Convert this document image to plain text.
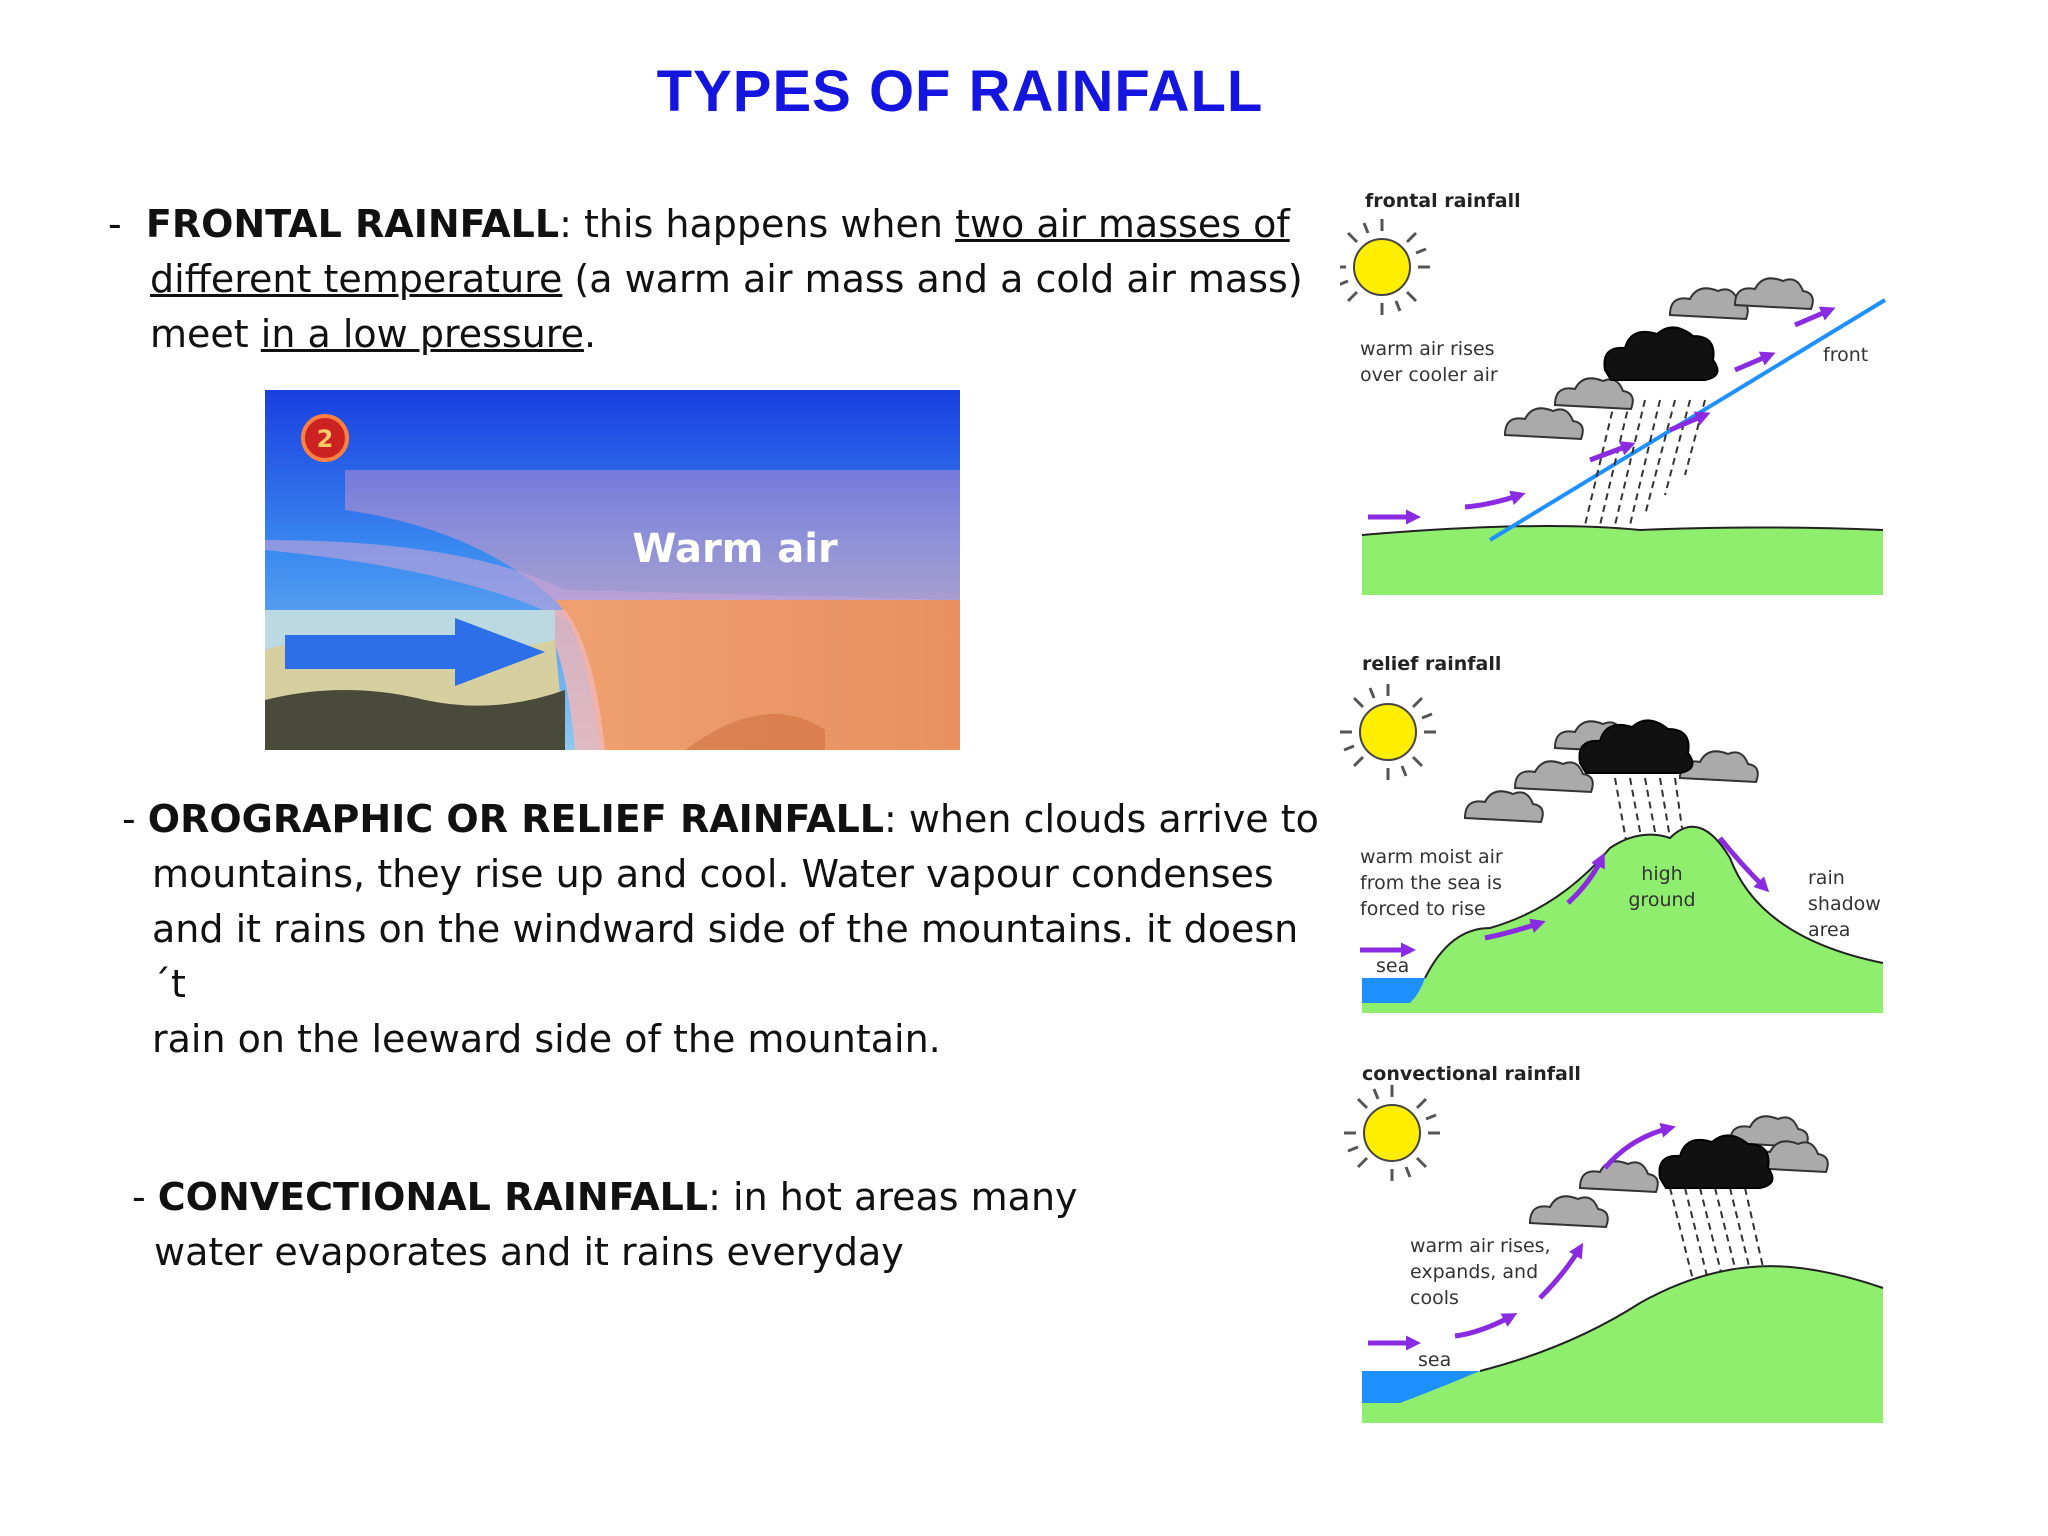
TYPES OF RAINFALL
- FRONTAL RAINFALL: this happens when two air masses of
different temperature (a warm air mass and a cold air mass)
meet in a low pressure.
2
Warm air
- OROGRAPHIC OR RELIEF RAINFALL: when clouds arrive to
mountains, they rise up and cool. Water vapour condenses
and it rains on the windward side of the mountains. it doesn´t
rain on the leeward side of the mountain.
- CONVECTIONAL RAINFALL: in hot areas many
water evaporates and it rains everyday
frontal rainfall
warm air rises
over cooler air
front
relief rainfall
warm moist air
from the sea is
forced to rise
high
ground
rain
shadow
area
sea
convectional rainfall
warm air rises,
expands, and
cools
sea
